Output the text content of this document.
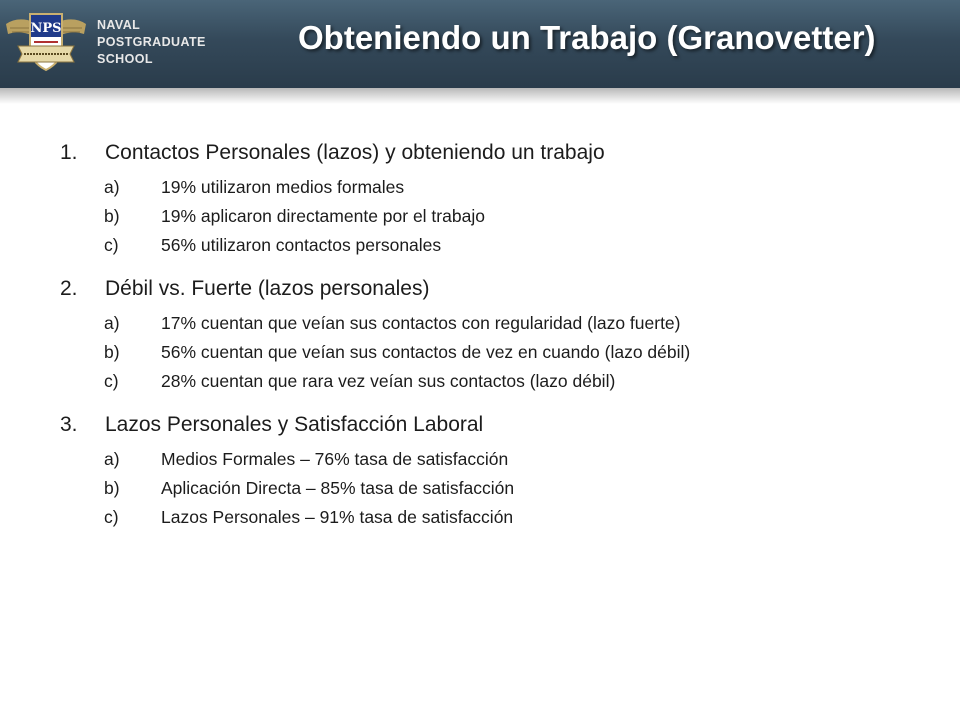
NPS	NAVAL
POSTGRADUATE
SCHOOL
Obteniendo un Trabajo (Granovetter)
1. Contactos Personales (lazos) y obteniendo un trabajo
a) 19% utilizaron medios formales
b) 19% aplicaron directamente por el trabajo
c) 56% utilizaron contactos personales
2. Débil vs. Fuerte (lazos personales)
a) 17% cuentan que veían sus contactos con regularidad (lazo fuerte)
b) 56% cuentan que veían sus contactos de vez en cuando (lazo débil)
c) 28% cuentan que rara vez veían sus contactos (lazo débil)
3. Lazos Personales y Satisfacción Laboral
a) Medios Formales – 76% tasa de satisfacción
b) Aplicación Directa – 85% tasa de satisfacción
c) Lazos Personales – 91% tasa de satisfacción
